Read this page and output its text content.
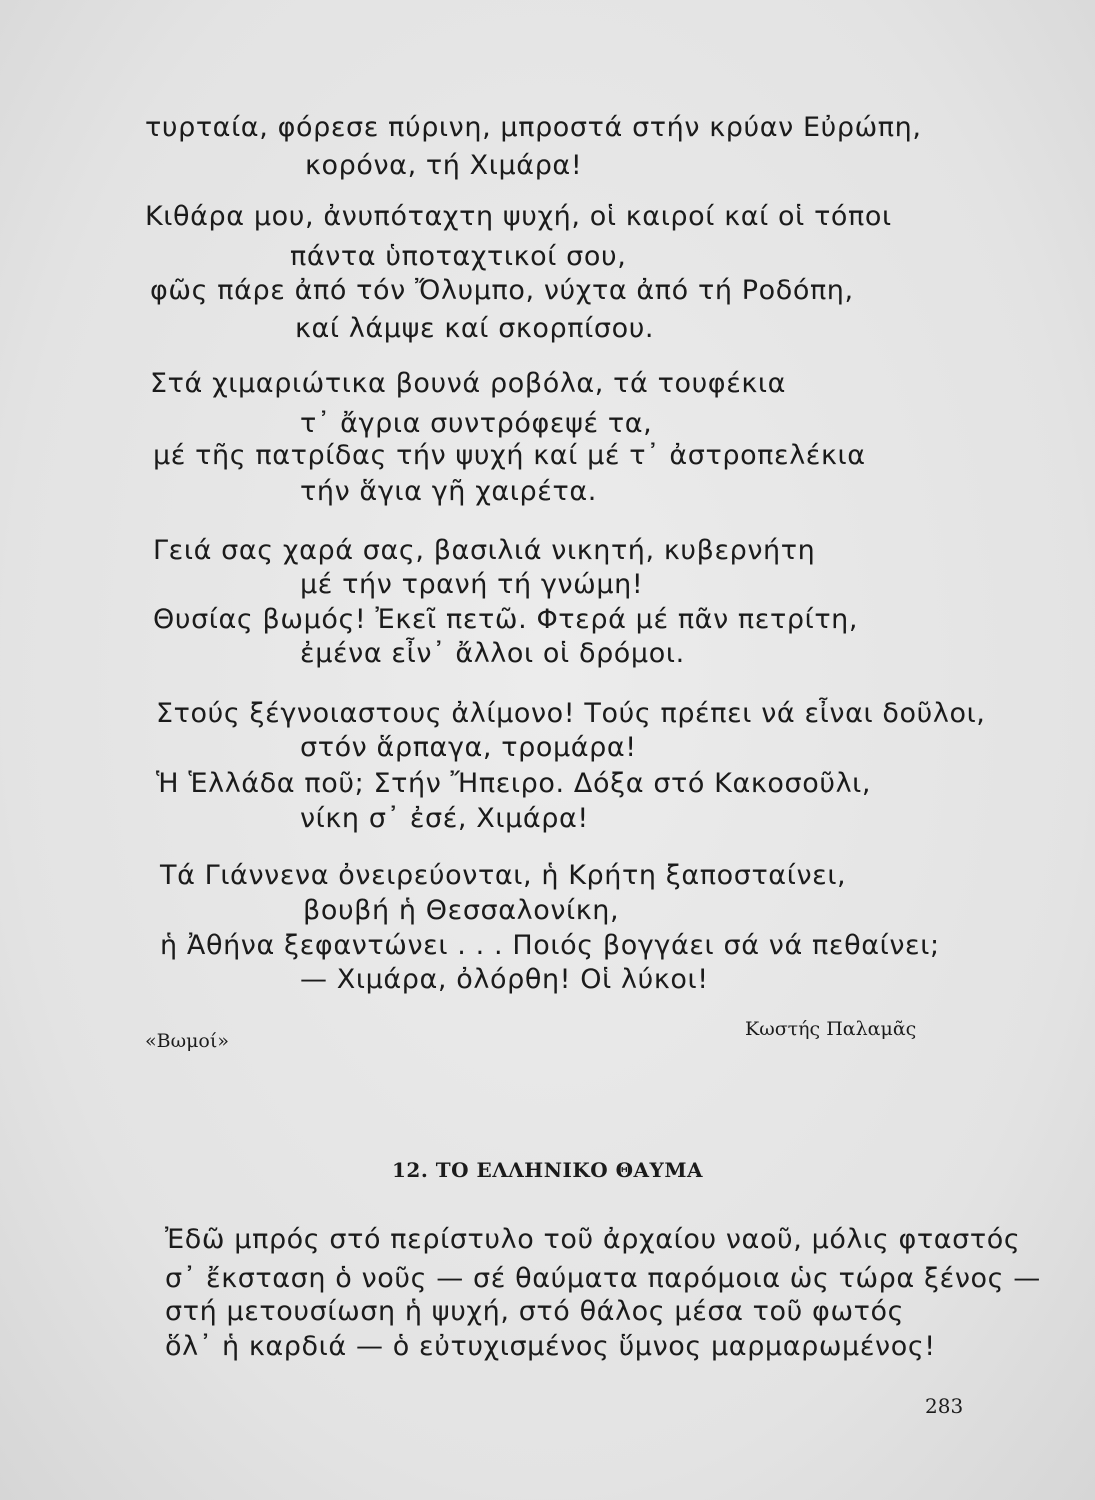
τυρταία, φόρεσε πύρινη, μπροστά στήν κρύαν Εὐρώπη,
κορόνα, τή Χιμάρα!
Κιθάρα μου, ἀνυπόταχτη ψυχή, οἱ καιροί καί οἱ τόποι
πάντα ὑποταχτικοί σου,
φῶς πάρε ἀπό τόν Ὄλυμπο, νύχτα ἀπό τή Ροδόπη,
καί λάμψε καί σκορπίσου.
Στά χιμαριώτικα βουνά ροβόλα, τά τουφέκια
τ᾿ ἄγρια συντρόφεψέ τα,
μέ τῆς πατρίδας τήν ψυχή καί μέ τ᾿ ἀστροπελέκια
τήν ἅγια γῆ χαιρέτα.
Γειά σας χαρά σας, βασιλιά νικητή, κυβερνήτη
μέ τήν τρανή τή γνώμη!
Θυσίας βωμός! Ἐκεῖ πετῶ. Φτερά μέ πᾶν πετρίτη,
ἐμένα εἶν᾿ ἄλλοι οἱ δρόμοι.
Στούς ξέγνοιαστους ἀλίμονο! Τούς πρέπει νά εἶναι δοῦλοι,
στόν ἅρπαγα, τρομάρα!
Ἡ Ἑλλάδα ποῦ; Στήν Ἤπειρο. Δόξα στό Κακοσοῦλι,
νίκη σ᾿ ἐσέ, Χιμάρα!
Τά Γιάννενα ὀνειρεύονται, ἡ Κρήτη ξαποσταίνει,
βουβή ἡ Θεσσαλονίκη,
ἡ Ἀθήνα ξεφαντώνει . . . Ποιός βογγάει σά νά πεθαίνει;
— Χιμάρα, ὀλόρθη! Οἱ λύκοι!
«Βωμοί»
Κωστής Παλαμᾶς
12. ΤΟ ΕΛΛΗΝΙΚΟ ΘΑΥΜΑ
Ἐδῶ μπρός στό περίστυλο τοῦ ἀρχαίου ναοῦ, μόλις φταστός
σ᾿ ἔκσταση ὁ νοῦς — σέ θαύματα παρόμοια ὡς τώρα ξένος —
στή μετουσίωση ἡ ψυχή, στό θάλος μέσα τοῦ φωτός
ὅλ᾿ ἡ καρδιά — ὁ εὐτυχισμένος ὕμνος μαρμαρωμένος!
283
